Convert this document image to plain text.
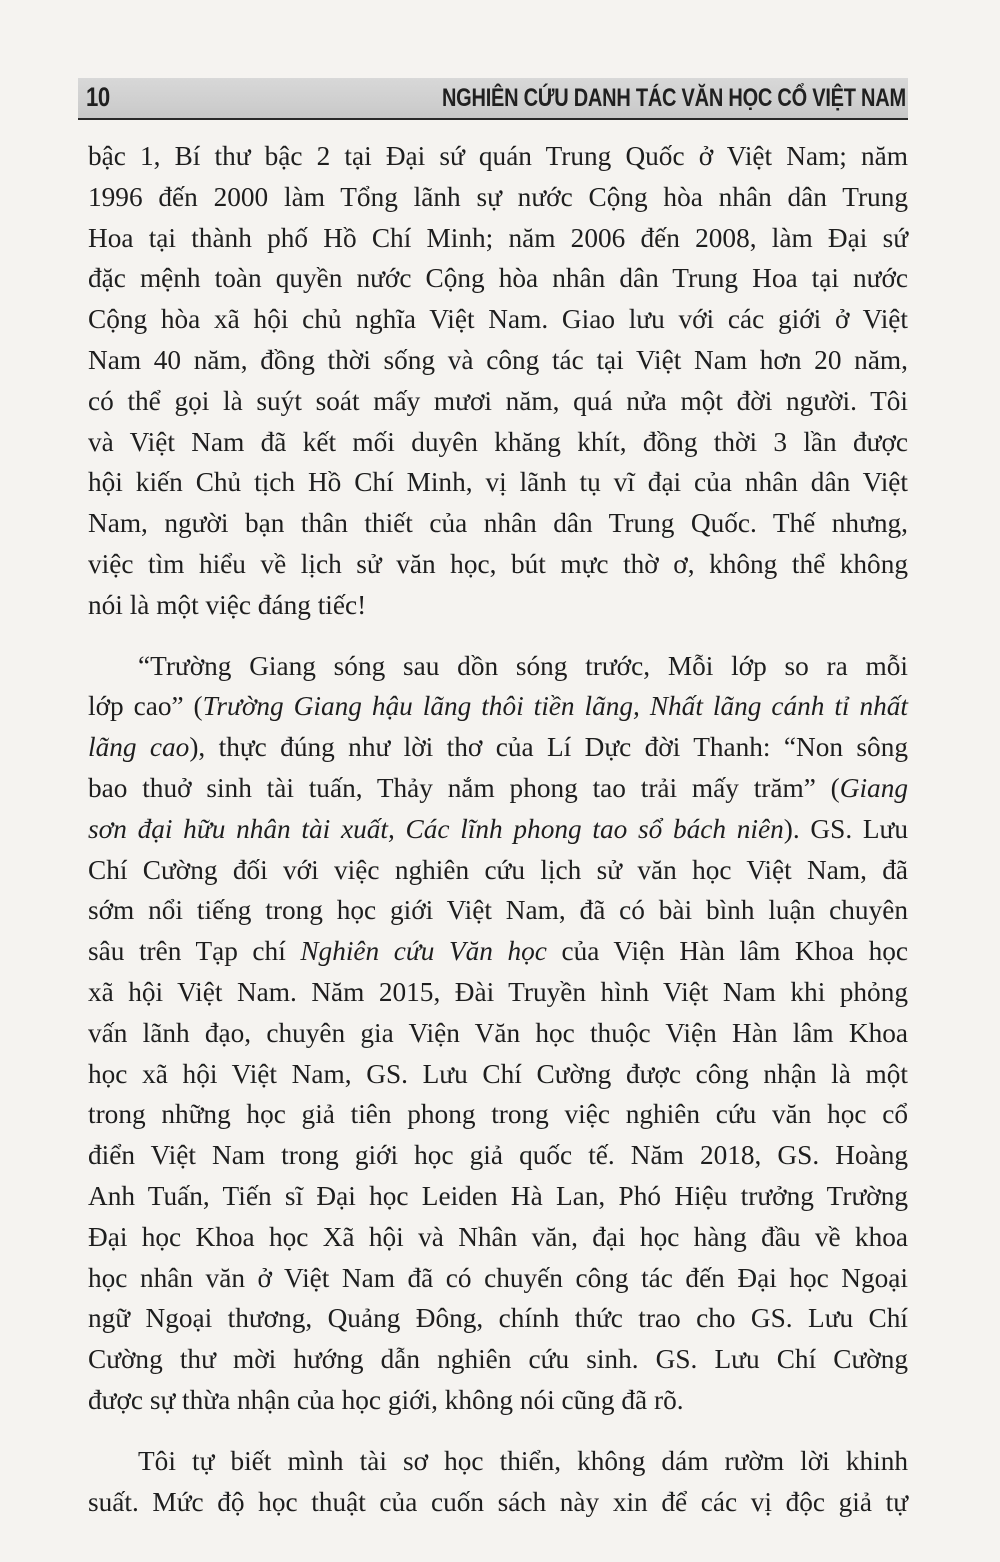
10	NGHIÊN CỨU DANH TÁC VĂN HỌC CỔ VIỆT NAM
bậc 1, Bí thư bậc 2 tại Đại sứ quán Trung Quốc ở Việt Nam; năm
1996 đến 2000 làm Tổng lãnh sự nước Cộng hòa nhân dân Trung
Hoa tại thành phố Hồ Chí Minh; năm 2006 đến 2008, làm Đại sứ
đặc mệnh toàn quyền nước Cộng hòa nhân dân Trung Hoa tại nước
Cộng hòa xã hội chủ nghĩa Việt Nam. Giao lưu với các giới ở Việt
Nam 40 năm, đồng thời sống và công tác tại Việt Nam hơn 20 năm,
có thể gọi là suýt soát mấy mươi năm, quá nửa một đời người. Tôi
và Việt Nam đã kết mối duyên khăng khít, đồng thời 3 lần được
hội kiến Chủ tịch Hồ Chí Minh, vị lãnh tụ vĩ đại của nhân dân Việt
Nam, người bạn thân thiết của nhân dân Trung Quốc. Thế nhưng,
việc tìm hiểu về lịch sử văn học, bút mực thờ ơ, không thể không
nói là một việc đáng tiếc!
“Trường Giang sóng sau dồn sóng trước, Mỗi lớp so ra mỗi
lớp cao” (Trường Giang hậu lãng thôi tiền lãng, Nhất lãng cánh tỉ nhất
lãng cao), thực đúng như lời thơ của Lí Dực đời Thanh: “Non sông
bao thuở sinh tài tuấn, Thảy nắm phong tao trải mấy trăm” (Giang
sơn đại hữu nhân tài xuất, Các lĩnh phong tao sổ bách niên). GS. Lưu
Chí Cường đối với việc nghiên cứu lịch sử văn học Việt Nam, đã
sớm nổi tiếng trong học giới Việt Nam, đã có bài bình luận chuyên
sâu trên Tạp chí Nghiên cứu Văn học của Viện Hàn lâm Khoa học
xã hội Việt Nam. Năm 2015, Đài Truyền hình Việt Nam khi phỏng
vấn lãnh đạo, chuyên gia Viện Văn học thuộc Viện Hàn lâm Khoa
học xã hội Việt Nam, GS. Lưu Chí Cường được công nhận là một
trong những học giả tiên phong trong việc nghiên cứu văn học cổ
điển Việt Nam trong giới học giả quốc tế. Năm 2018, GS. Hoàng
Anh Tuấn, Tiến sĩ Đại học Leiden Hà Lan, Phó Hiệu trưởng Trường
Đại học Khoa học Xã hội và Nhân văn, đại học hàng đầu về khoa
học nhân văn ở Việt Nam đã có chuyến công tác đến Đại học Ngoại
ngữ Ngoại thương, Quảng Đông, chính thức trao cho GS. Lưu Chí
Cường thư mời hướng dẫn nghiên cứu sinh. GS. Lưu Chí Cường
được sự thừa nhận của học giới, không nói cũng đã rõ.
Tôi tự biết mình tài sơ học thiển, không dám rườm lời khinh
suất. Mức độ học thuật của cuốn sách này xin để các vị độc giả tự
